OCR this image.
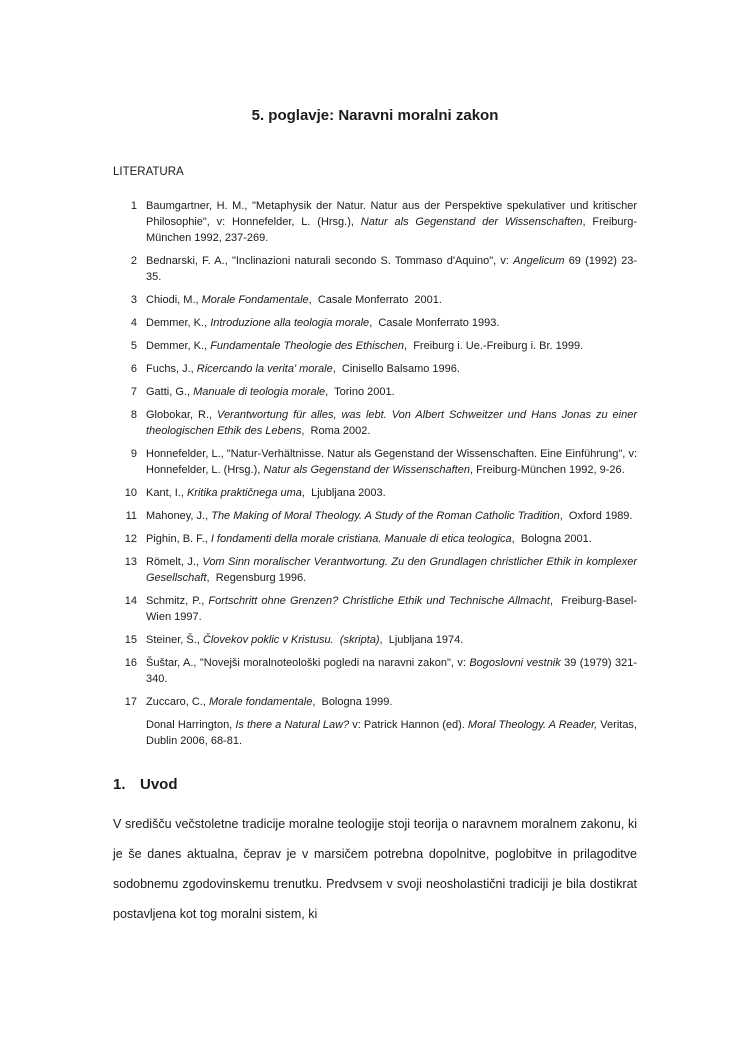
5. poglavje: Naravni moralni zakon
LITERATURA
1 Baumgartner, H. M., "Metaphysik der Natur. Natur aus der Perspektive spekulativer und kritischer Philosophie", v: Honnefelder, L. (Hrsg.), Natur als Gegenstand der Wissenschaften, Freiburg-München 1992, 237-269.
2 Bednarski, F. A., "Inclinazioni naturali secondo S. Tommaso d'Aquino", v: Angelicum 69 (1992) 23-35.
3 Chiodi, M., Morale Fondamentale,  Casale Monferrato  2001.
4 Demmer, K., Introduzione alla teologia morale,  Casale Monferrato 1993.
5 Demmer, K., Fundamentale Theologie des Ethischen,  Freiburg i. Ue.-Freiburg i. Br. 1999.
6 Fuchs, J., Ricercando la verita' morale,  Cinisello Balsamo 1996.
7 Gatti, G., Manuale di teologia morale,  Torino 2001.
8 Globokar, R., Verantwortung für alles, was lebt. Von Albert Schweitzer und Hans Jonas zu einer theologischen Ethik des Lebens,  Roma 2002.
9 Honnefelder, L., "Natur-Verhältnisse. Natur als Gegenstand der Wissenschaften. Eine Einführung", v: Honnefelder, L. (Hrsg.), Natur als Gegenstand der Wissenschaften, Freiburg-München 1992, 9-26.
10 Kant, I., Kritika praktičnega uma,  Ljubljana 2003.
11 Mahoney, J., The Making of Moral Theology. A Study of the Roman Catholic Tradition,  Oxford 1989.
12 Pighin, B. F., I fondamenti della morale cristiana. Manuale di etica teologica,  Bologna 2001.
13 Römelt, J., Vom Sinn moralischer Verantwortung. Zu den Grundlagen christlicher Ethik in komplexer Gesellschaft,  Regensburg 1996.
14 Schmitz, P., Fortschritt ohne Grenzen? Christliche Ethik und Technische Allmacht,  Freiburg-Basel-Wien 1997.
15 Steiner, Š., Človekov poklic v Kristusu.  (skripta),  Ljubljana 1974.
16 Šuštar, A., "Novejši moralnoteološki pogledi na naravni zakon", v: Bogoslovni vestnik 39 (1979) 321-340.
17 Zuccaro, C., Morale fondamentale,  Bologna 1999.
Donal Harrington, Is there a Natural Law? v: Patrick Hannon (ed). Moral Theology. A Reader, Veritas, Dublin 2006, 68-81.
1. Uvod

V središču večstoletne tradicije moralne teologije stoji teorija o naravnem moralnem zakonu, ki je še danes aktualna, čeprav je v marsičem potrebna dopolnitve, poglobitve in prilagoditve sodobnemu zgodovinskemu trenutku. Predvsem v svoji neosholastični tradiciji je bila dostikrat postavljena kot tog moralni sistem, ki
